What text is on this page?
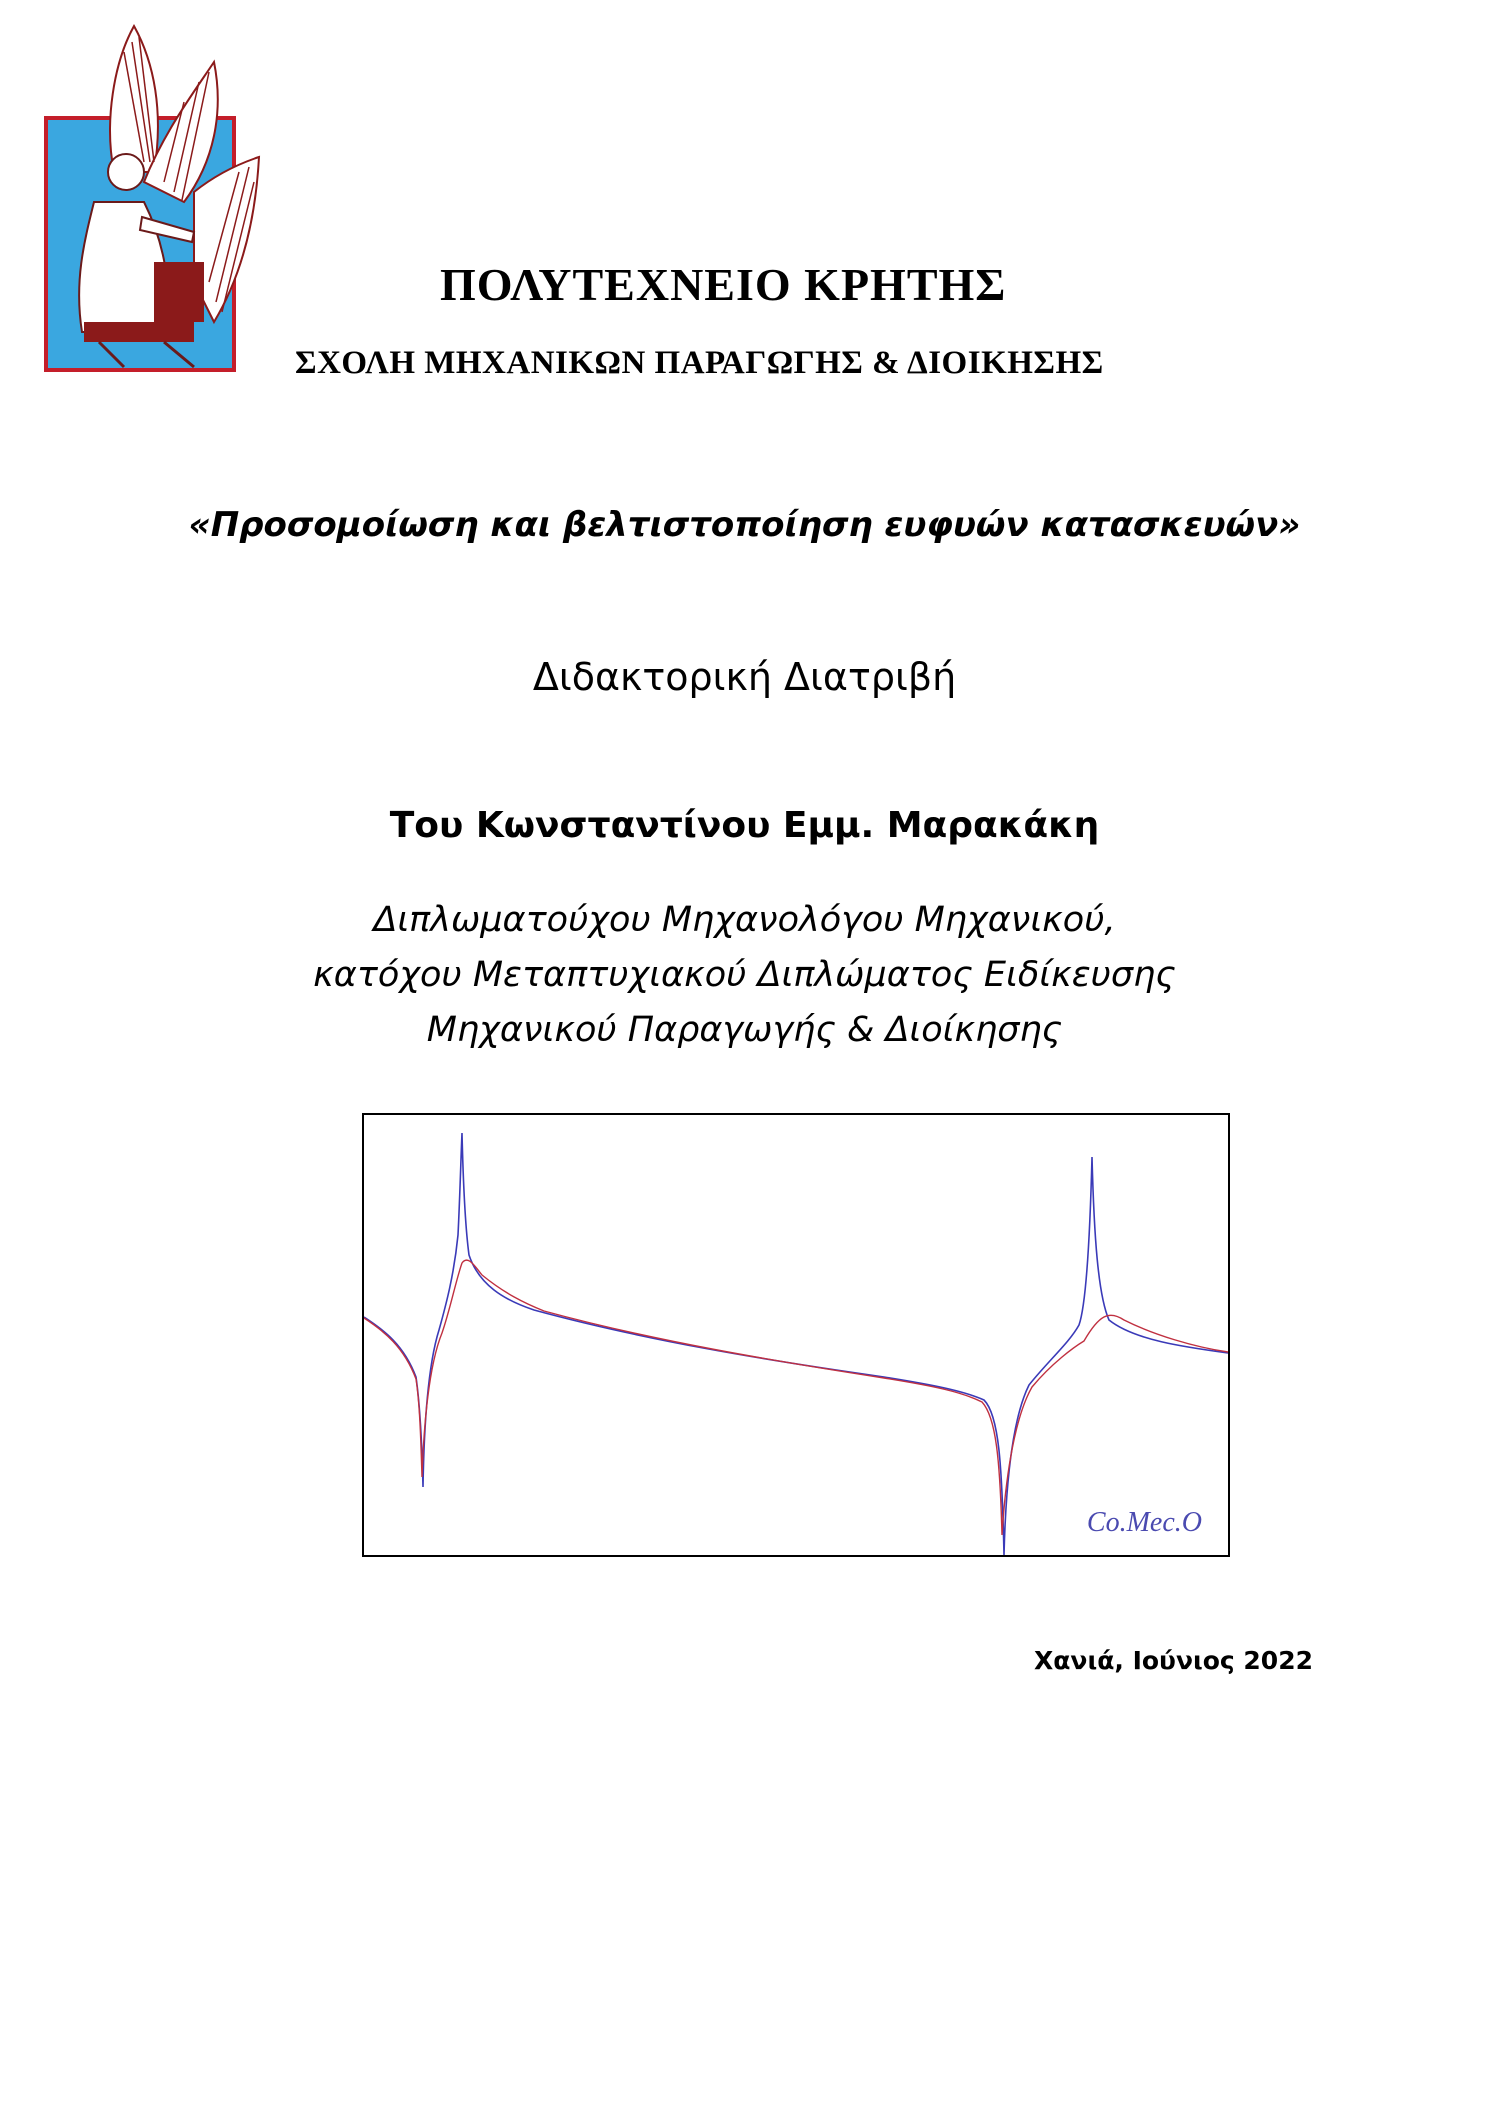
ΠΟΛΥΤΕΧΝΕΙΟ ΚΡΗΤΗΣ
ΣΧΟΛΗ ΜΗΧΑΝΙΚΩΝ ΠΑΡΑΓΩΓΗΣ & ΔΙΟΙΚΗΣΗΣ
«Προσομοίωση και βελτιστοποίηση ευφυών κατασκευών»
Διδακτορική Διατριβή
Του Κωνσταντίνου Εμμ. Μαρακάκη
Διπλωματούχου Μηχανολόγου Μηχανικού,
κατόχου Μεταπτυχιακού Διπλώματος Ειδίκευσης
Μηχανικού Παραγωγής & Διοίκησης
Co.Mec.O
Χανιά, Ιούνιος 2022
